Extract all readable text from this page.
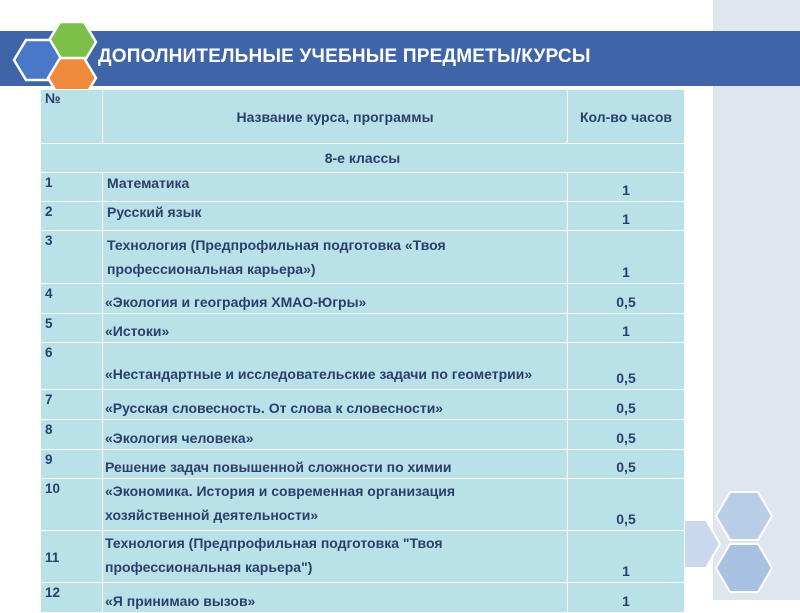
ДОПОЛНИТЕЛЬНЫЕ УЧЕБНЫЕ ПРЕДМЕТЫ/КУРСЫ
№	Название курса, программы	Кол-во часов
8-е классы		
1	Математика	1
2	Русский язык	1
3	Технология (Предпрофильная подготовка «Твоя профессиональная карьера»)	1
4	«Экология и география ХМАО-Югры»	0,5
5	«Истоки»	1
6	«Нестандартные и исследовательские задачи по геометрии»	0,5
7	«Русская словесность. От слова к словесности»	0,5
8	«Экология человека»	0,5
9	Решение задач повышенной сложности по химии	0,5
10	«Экономика. История и современная организация хозяйственной деятельности»	0,5
11	Технология (Предпрофильная подготовка "Твоя профессиональная карьера")	1
12	«Я принимаю вызов»	1
